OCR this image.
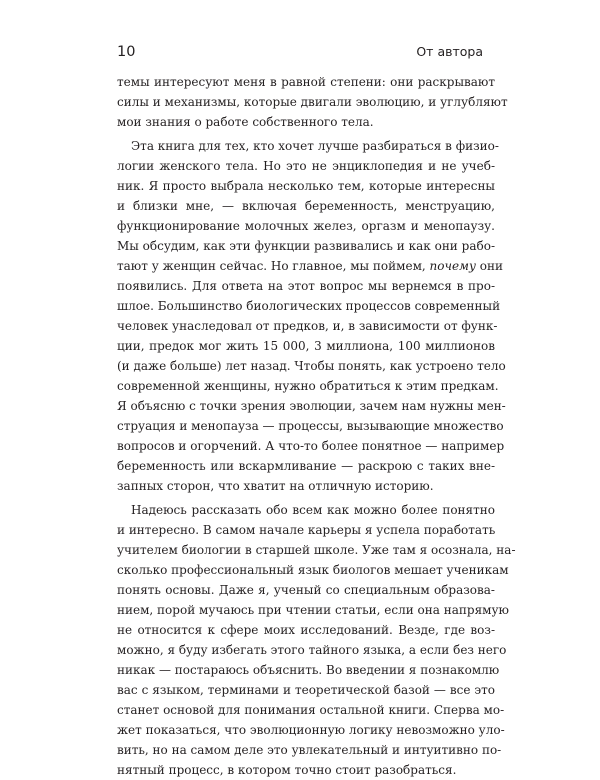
10	От автора
темы интересуют меня в равной степени: они раскрывают
силы и механизмы, которые двигали эволюцию, и углубляют
мои знания о работе собственного тела.
Эта книга для тех, кто хочет лучше разбираться в физио-
логии женского тела. Но это не энциклопедия и не учеб-
ник. Я просто выбрала несколько тем, которые интересны
и близки мне, — включая беременность, менструацию,
функционирование молочных желез, оргазм и менопаузу.
Мы обсудим, как эти функции развивались и как они рабо-
тают у женщин сейчас. Но главное, мы поймем, почему они
появились. Для ответа на этот вопрос мы вернемся в про-
шлое. Большинство биологических процессов современный
человек унаследовал от предков, и, в зависимости от функ-
ции, предок мог жить 15 000, 3 миллиона, 100 миллионов
(и даже больше) лет назад. Чтобы понять, как устроено тело
современной женщины, нужно обратиться к этим предкам.
Я объясню с точки зрения эволюции, зачем нам нужны мен-
струация и менопауза — процессы, вызывающие множество
вопросов и огорчений. А что-то более понятное — например
беременность или вскармливание — раскрою с таких вне-
запных сторон, что хватит на отличную историю.
Надеюсь рассказать обо всем как можно более понятно
и интересно. В самом начале карьеры я успела поработать
учителем биологии в старшей школе. Уже там я осознала, на-
сколько профессиональный язык биологов мешает ученикам
понять основы. Даже я, ученый со специальным образова-
нием, порой мучаюсь при чтении статьи, если она напрямую
не относится к сфере моих исследований. Везде, где воз-
можно, я буду избегать этого тайного языка, а если без него
никак — постараюсь объяснить. Во введении я познакомлю
вас с языком, терминами и теоретической базой — все это
станет основой для понимания остальной книги. Сперва мо-
жет показаться, что эволюционную логику невозможно уло-
вить, но на самом деле это увлекательный и интуитивно по-
нятный процесс, в котором точно стоит разобраться.
